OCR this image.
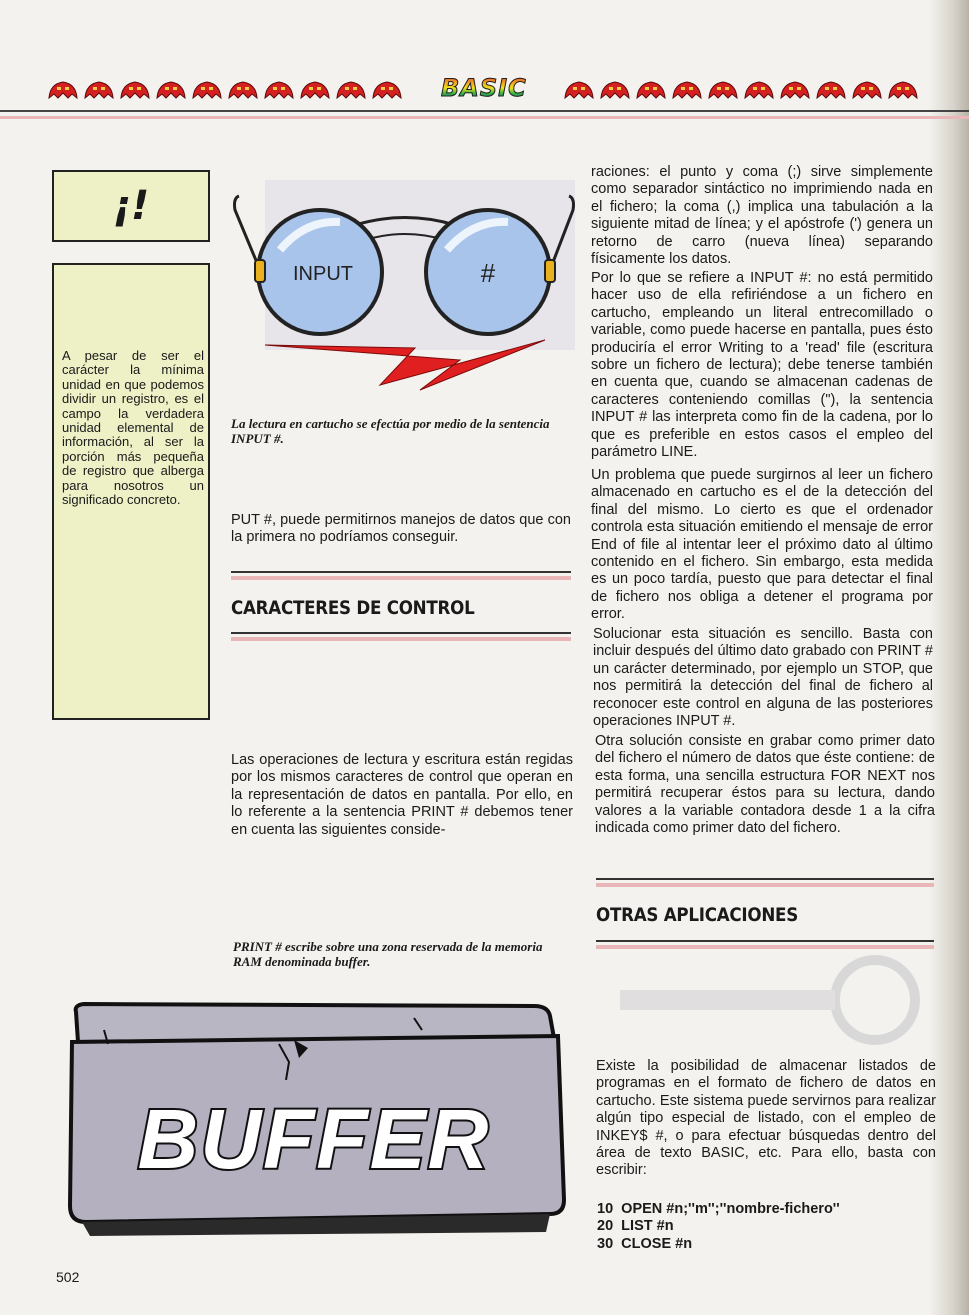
BASIC
¡!

A pesar de ser el carácter la mínima unidad en que podemos dividir un registro, es el campo la verdadera unidad elemental de información, al ser la porción más pequeña de registro que alberga para nosotros un significado concreto.

INPUT	#

La lectura en cartucho se efectúa por medio de la sentencia INPUT #.

PUT #, puede permitirnos manejos de datos que con la primera no podríamos conseguir.

CARACTERES DE CONTROL

Las operaciones de lectura y escritura están regidas por los mismos caracteres de control que operan en la representación de datos en pantalla. Por ello, en lo referente a la sentencia PRINT # debemos tener en cuenta las siguientes conside-

PRINT # escribe sobre una zona reservada de la memoria RAM denominada buffer.

BUFFER

raciones: el punto y coma (;) sirve simplemente como separador sintáctico no imprimiendo nada en el fichero; la coma (,) implica una tabulación a la siguiente mitad de línea; y el apóstrofe (') genera un retorno de carro (nueva línea) separando físicamente los datos.

Por lo que se refiere a INPUT #: no está permitido hacer uso de ella refiriéndose a un fichero en cartucho, empleando un literal entrecomillado o variable, como puede hacerse en pantalla, pues ésto produciría el error Writing to a 'read' file (escritura sobre un fichero de lectura); debe tenerse también en cuenta que, cuando se almacenan cadenas de caracteres conteniendo comillas ("), la sentencia INPUT # las interpreta como fin de la cadena, por lo que es preferible en estos casos el empleo del parámetro LINE.

Un problema que puede surgirnos al leer un fichero almacenado en cartucho es el de la detección del final del mismo. Lo cierto es que el ordenador controla esta situación emitiendo el mensaje de error End of file al intentar leer el próximo dato al último contenido en el fichero. Sin embargo, esta medida es un poco tardía, puesto que para detectar el final de fichero nos obliga a detener el programa por error.

Solucionar esta situación es sencillo. Basta con incluir después del último dato grabado con PRINT # un carácter determinado, por ejemplo un STOP, que nos permitirá la detección del final de fichero al reconocer este control en alguna de las posteriores operaciones INPUT #.

Otra solución consiste en grabar como primer dato del fichero el número de datos que éste contiene: de esta forma, una sencilla estructura FOR NEXT nos permitirá recuperar éstos para su lectura, dando valores a la variable contadora desde 1 a la cifra indicada como primer dato del fichero.

OTRAS APLICACIONES

Existe la posibilidad de almacenar listados de programas en el formato de fichero de datos en cartucho. Este sistema puede servirnos para realizar algún tipo especial de listado, con el empleo de INKEY$ #, o para efectuar búsquedas dentro del área de texto BASIC, etc. Para ello, basta con escribir:

10  OPEN #n;''m'';''nombre-fichero''
20  LIST #n
30  CLOSE #n
502
